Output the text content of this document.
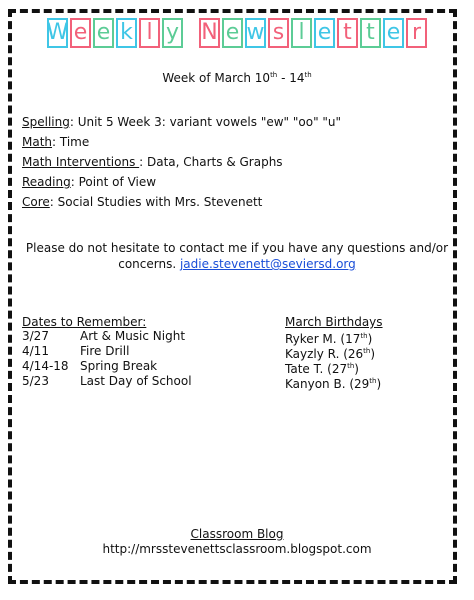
W e e k l y N e w s l e t t e r
Week of March 10th - 14th
Spelling: Unit 5 Week 3: variant vowels "ew" "oo" "u"
Math: Time
Math Interventions : Data, Charts & Graphs
Reading: Point of View
Core: Social Studies with Mrs. Stevenett
Please do not hesitate to contact me if you have any questions and/or concerns. jadie.stevenett@seviersd.org
Dates to Remember:
3/27	Art & Music Night
4/11	Fire Drill
4/14-18 Spring Break
5/23	Last Day of School
March Birthdays
Ryker M. (17th)
Kayzly R. (26th)
Tate T. (27th)
Kanyon B. (29th)
Classroom Blog
http://mrsstevenettsclassroom.blogspot.com
